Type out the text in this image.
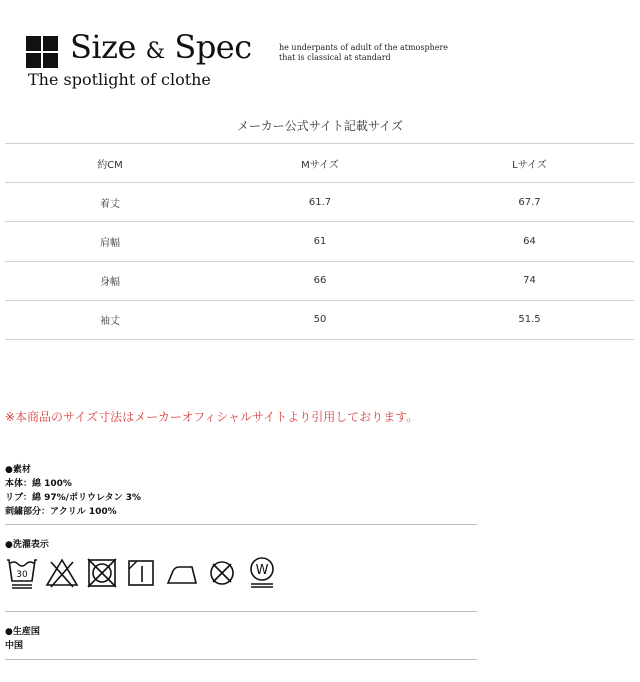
Size & Spec
The spotlight of clothe
he underpants of adult of the atmosphere
that is classical at standard
メーカー公式サイト記載サイズ
約CM	Mサイズ	Lサイズ
着丈	61.7	67.7
肩幅	61	64
身幅	66	74
袖丈	50	51.5
※本商品のサイズ寸法はメーカーオフィシャルサイトより引用しております。
●素材
本体：綿 100%
リブ：綿 97%/ポリウレタン 3%
刺繍部分：アクリル 100%
●洗濯表示
30	W
●生産国
中国
